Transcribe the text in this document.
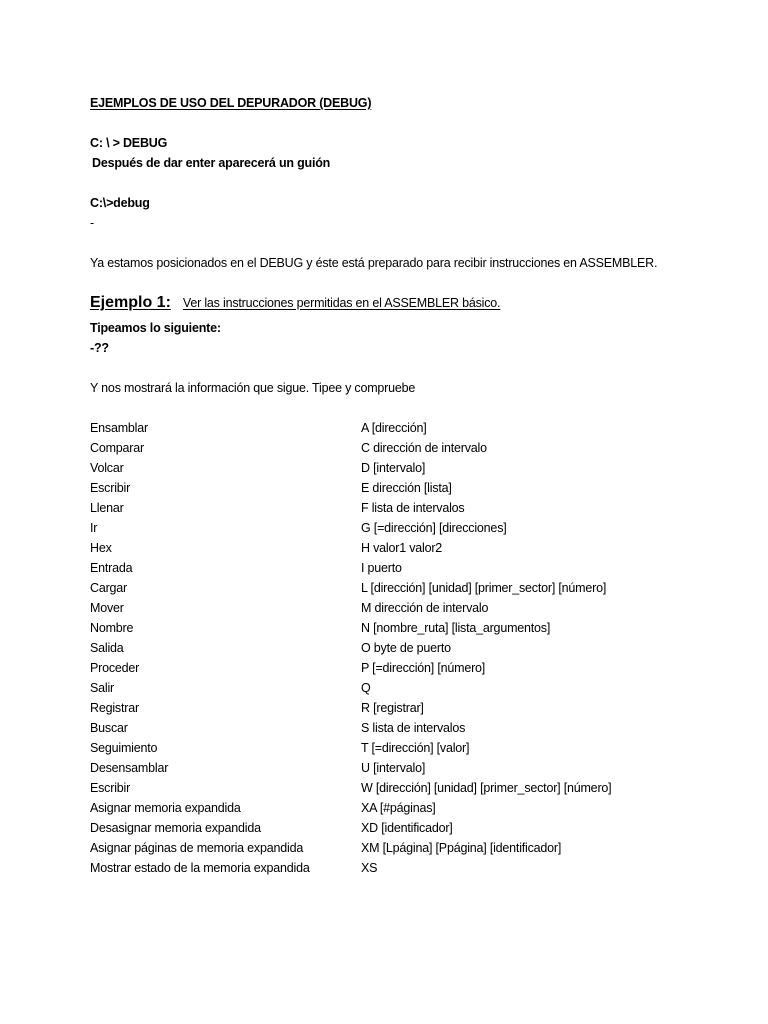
EJEMPLOS DE USO DEL DEPURADOR (DEBUG)
C: \ > DEBUG
Después de dar enter aparecerá un guión
C:\>debug
-
Ya estamos posicionados en el DEBUG y éste está preparado para recibir instrucciones en ASSEMBLER.
Ejemplo 1: Ver las instrucciones permitidas en el ASSEMBLER básico.
Tipeamos lo siguiente:
-??
Y nos mostrará la información que sigue. Tipee y compruebe
Ensamblar	A [dirección]
Comparar	C dirección de intervalo
Volcar	D [intervalo]
Escribir	E dirección [lista]
Llenar	F lista de intervalos
Ir	G [=dirección] [direcciones]
Hex	H valor1 valor2
Entrada	I puerto
Cargar	L [dirección] [unidad] [primer_sector] [número]
Mover	M dirección de intervalo
Nombre	N [nombre_ruta] [lista_argumentos]
Salida	O byte de puerto
Proceder	P [=dirección] [número]
Salir	Q
Registrar	R [registrar]
Buscar	S lista de intervalos
Seguimiento	T [=dirección] [valor]
Desensamblar	U [intervalo]
Escribir	W [dirección] [unidad] [primer_sector] [número]
Asignar memoria expandida	XA [#páginas]
Desasignar memoria expandida	XD [identificador]
Asignar páginas de memoria expandida	XM [Lpágina] [Ppágina] [identificador]
Mostrar estado de la memoria expandida	XS
